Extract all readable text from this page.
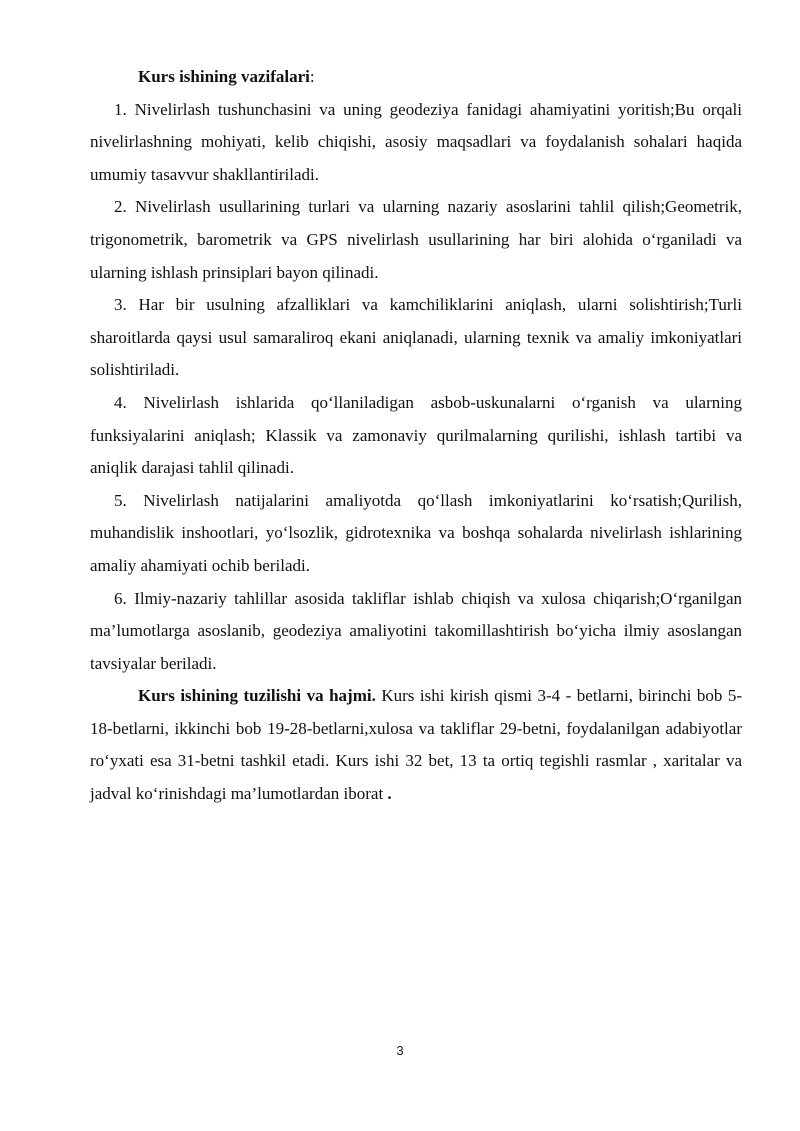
Kurs ishining vazifalari:

1. Nivelirlash tushunchasini va uning geodeziya fanidagi ahamiyatini yoritish;Bu orqali nivelirlashning mohiyati, kelib chiqishi, asosiy maqsadlari va foydalanish sohalari haqida umumiy tasavvur shakllantiriladi.

2. Nivelirlash usullarining turlari va ularning nazariy asoslarini tahlil qilish;Geometrik, trigonometrik, barometrik va GPS nivelirlash usullarining har biri alohida o‘rganiladi va ularning ishlash prinsiplari bayon qilinadi.

3. Har bir usulning afzalliklari va kamchiliklarini aniqlash, ularni solishtirish;Turli sharoitlarda qaysi usul samaraliroq ekani aniqlanadi, ularning texnik va amaliy imkoniyatlari solishtiriladi.

4. Nivelirlash ishlarida qo‘llaniladigan asbob-uskunalarni o‘rganish va ularning funksiyalarini aniqlash; Klassik va zamonaviy qurilmalarning qurilishi, ishlash tartibi va aniqlik darajasi tahlil qilinadi.

5. Nivelirlash natijalarini amaliyotda qo‘llash imkoniyatlarini ko‘rsatish;Qurilish, muhandislik inshootlari, yo‘lsozlik, gidrotexnika va boshqa sohalarda nivelirlash ishlarining amaliy ahamiyati ochib beriladi.

6. Ilmiy-nazariy tahlillar asosida takliflar ishlab chiqish va xulosa chiqarish;O‘rganilgan ma’lumotlarga asoslanib, geodeziya amaliyotini takomillashtirish bo‘yicha ilmiy asoslangan tavsiyalar beriladi.

Kurs ishining tuzilishi va hajmi. Kurs ishi kirish qismi 3-4 - betlarni, birinchi bob 5-18-betlarni, ikkinchi bob 19-28-betlarni,xulosa va takliflar 29-betni, foydalanilgan adabiyotlar ro‘yxati esa 31-betni tashkil etadi. Kurs ishi 32 bet, 13 ta ortiq tegishli rasmlar , xaritalar va jadval ko‘rinishdagi ma’lumotlardan iborat .

3
